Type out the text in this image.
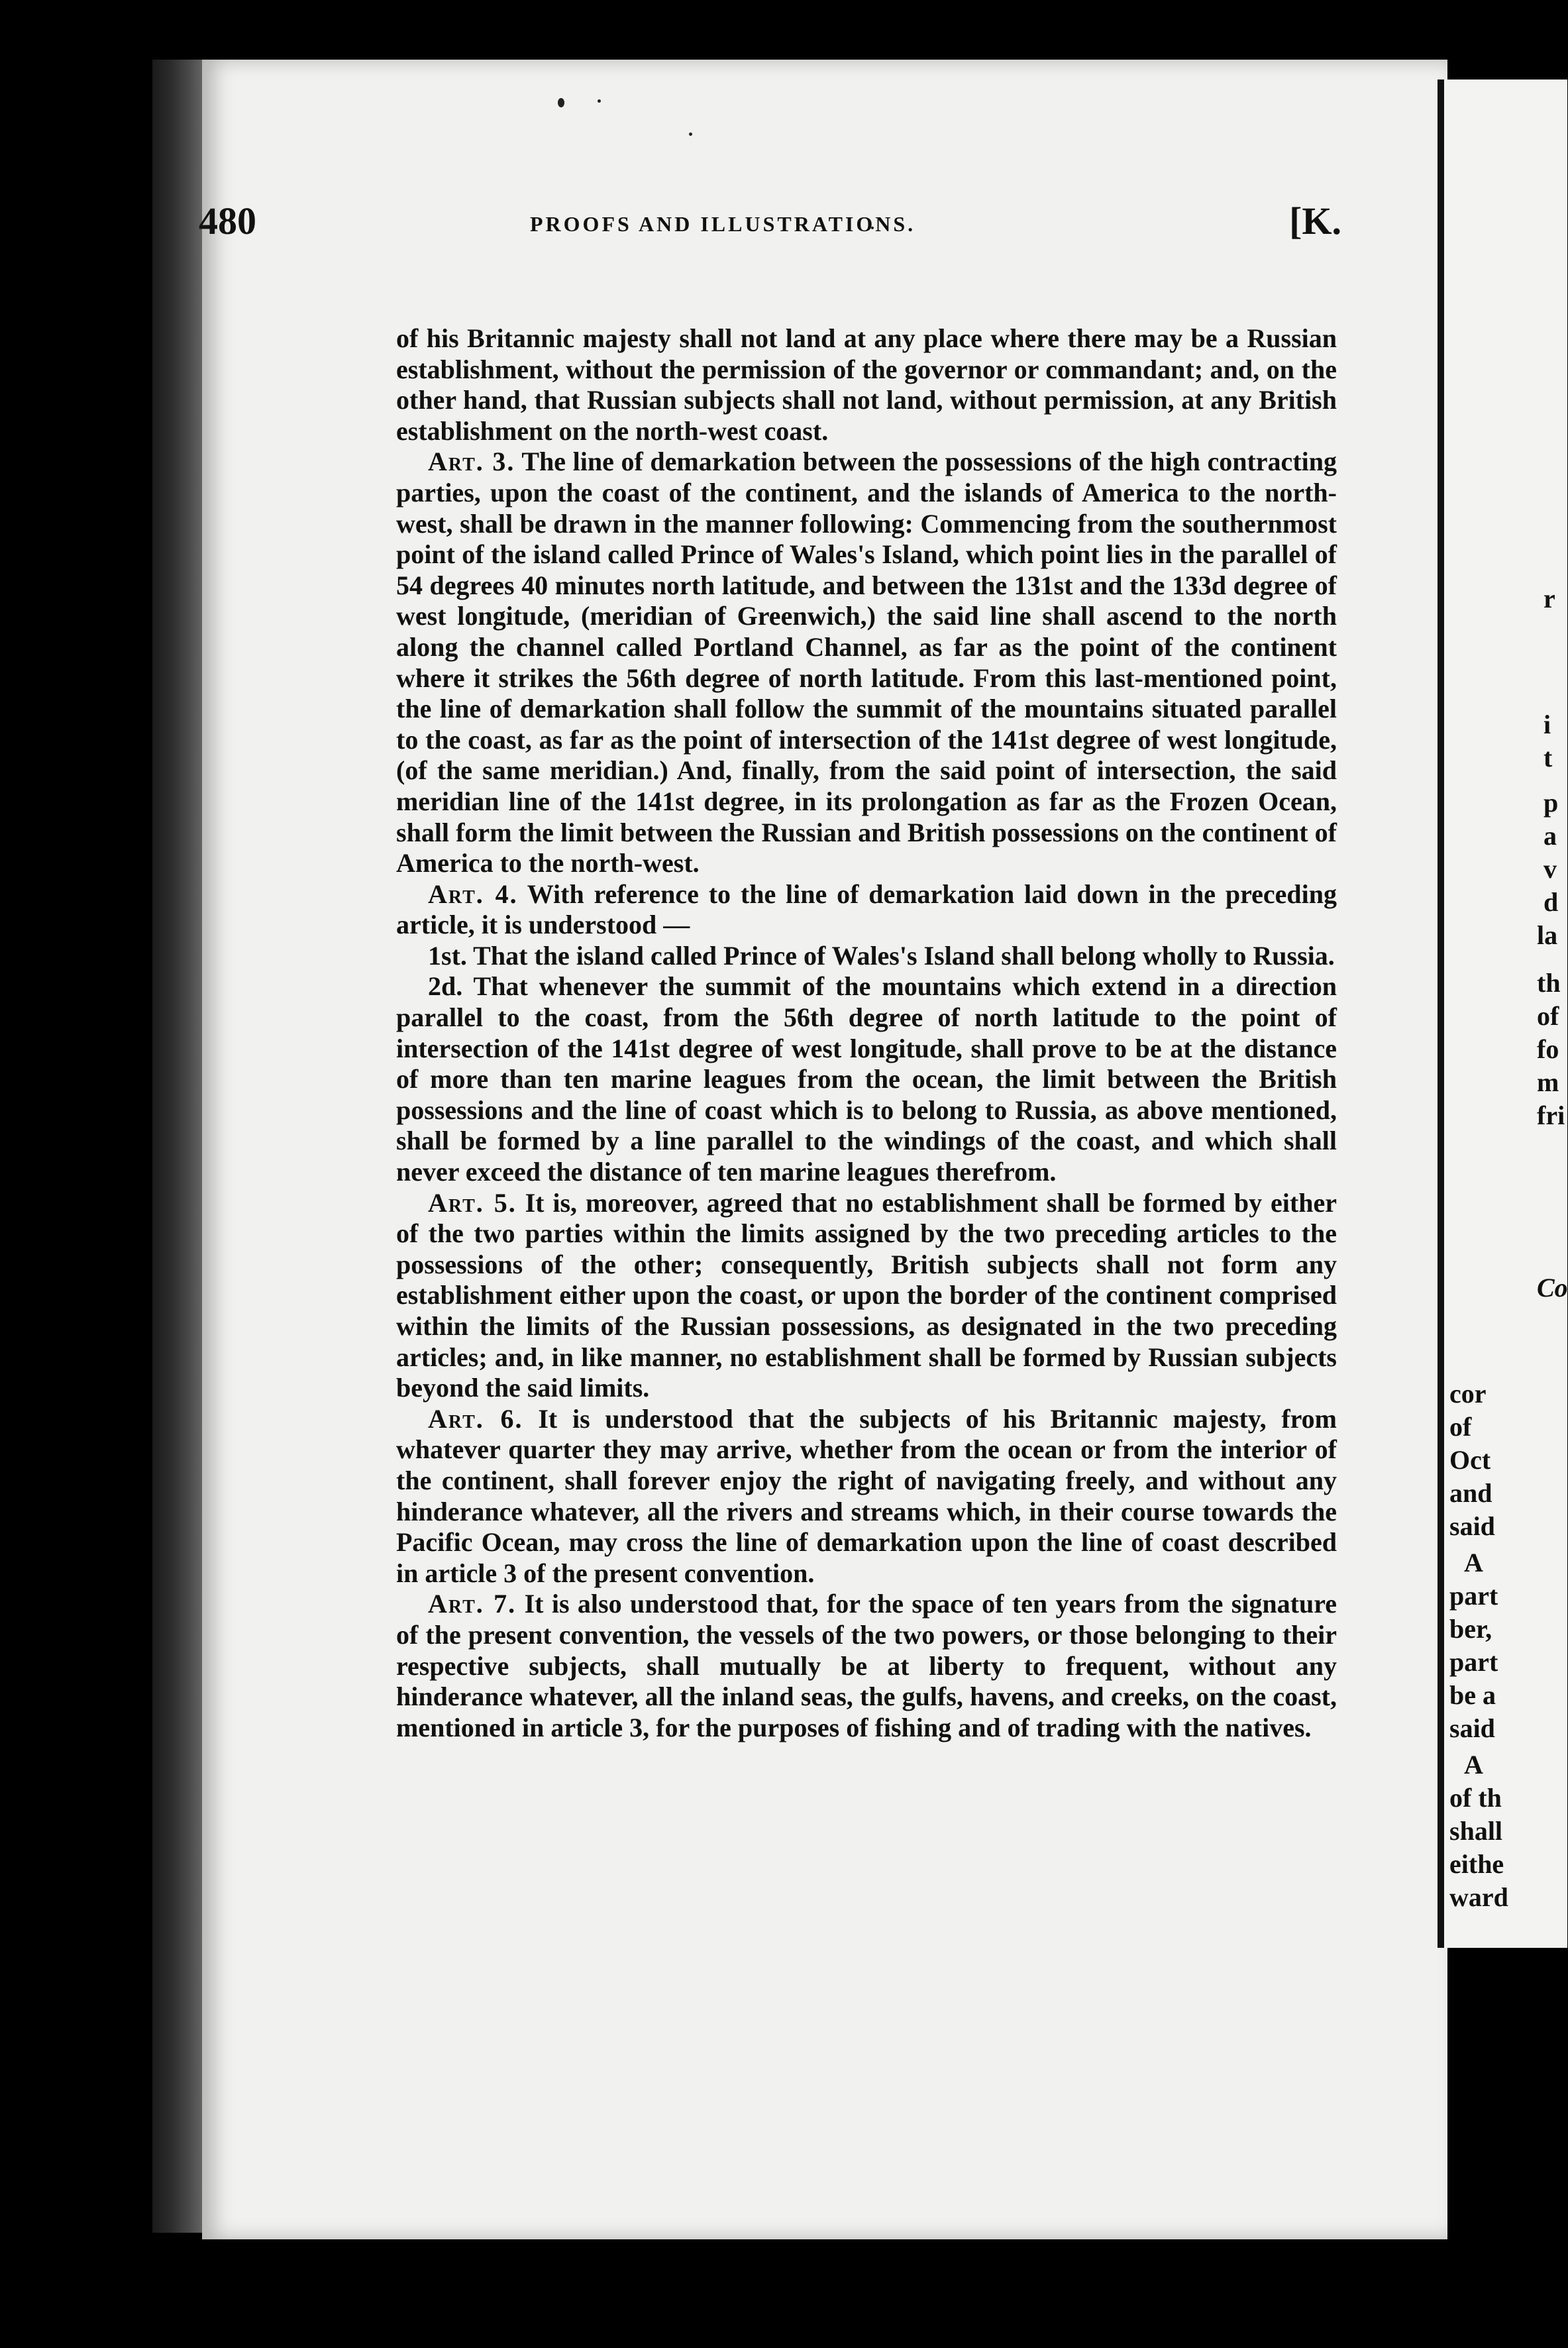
480	PROOFS AND ILLUSTRATIONS.	[K.

of his Britannic majesty shall not land at any place where there may be a Russian establishment, without the permission of the governor or commandant; and, on the other hand, that Russian subjects shall not land, without permission, at any British establishment on the north-west coast.

Art. 3. The line of demarkation between the possessions of the high contracting parties, upon the coast of the continent, and the islands of America to the north-west, shall be drawn in the manner following: Commencing from the southernmost point of the island called Prince of Wales's Island, which point lies in the parallel of 54 degrees 40 minutes north latitude, and between the 131st and the 133d degree of west longitude, (meridian of Greenwich,) the said line shall ascend to the north along the channel called Portland Channel, as far as the point of the continent where it strikes the 56th degree of north latitude. From this last-mentioned point, the line of demarkation shall follow the summit of the mountains situated parallel to the coast, as far as the point of intersection of the 141st degree of west longitude, (of the same meridian.) And, finally, from the said point of intersection, the said meridian line of the 141st degree, in its prolongation as far as the Frozen Ocean, shall form the limit between the Russian and British possessions on the continent of America to the north-west.

Art. 4. With reference to the line of demarkation laid down in the preceding article, it is understood —

1st. That the island called Prince of Wales's Island shall belong wholly to Russia.

2d. That whenever the summit of the mountains which extend in a direction parallel to the coast, from the 56th degree of north latitude to the point of intersection of the 141st degree of west longitude, shall prove to be at the distance of more than ten marine leagues from the ocean, the limit between the British possessions and the line of coast which is to belong to Russia, as above mentioned, shall be formed by a line parallel to the windings of the coast, and which shall never exceed the distance of ten marine leagues therefrom.

Art. 5. It is, moreover, agreed that no establishment shall be formed by either of the two parties within the limits assigned by the two preceding articles to the possessions of the other; consequently, British subjects shall not form any establishment either upon the coast, or upon the border of the continent comprised within the limits of the Russian possessions, as designated in the two preceding articles; and, in like manner, no establishment shall be formed by Russian subjects beyond the said limits.

Art. 6. It is understood that the subjects of his Britannic majesty, from whatever quarter they may arrive, whether from the ocean or from the interior of the continent, shall forever enjoy the right of navigating freely, and without any hinderance whatever, all the rivers and streams which, in their course towards the Pacific Ocean, may cross the line of demarkation upon the line of coast described in article 3 of the present convention.

Art. 7. It is also understood that, for the space of ten years from the signature of the present convention, the vessels of the two powers, or those belonging to their respective subjects, shall mutually be at liberty to frequent, without any hinderance whatever, all the inland seas, the gulfs, havens, and creeks, on the coast, mentioned in article 3, for the purposes of fishing and of trading with the natives.

r
i
t
p
a
v
d
la
th
of
fo
m
fri
Co
cor
of
Oct
and
said
A
part
ber,
part
be a
said
A
of th
shall
eithe
ward
